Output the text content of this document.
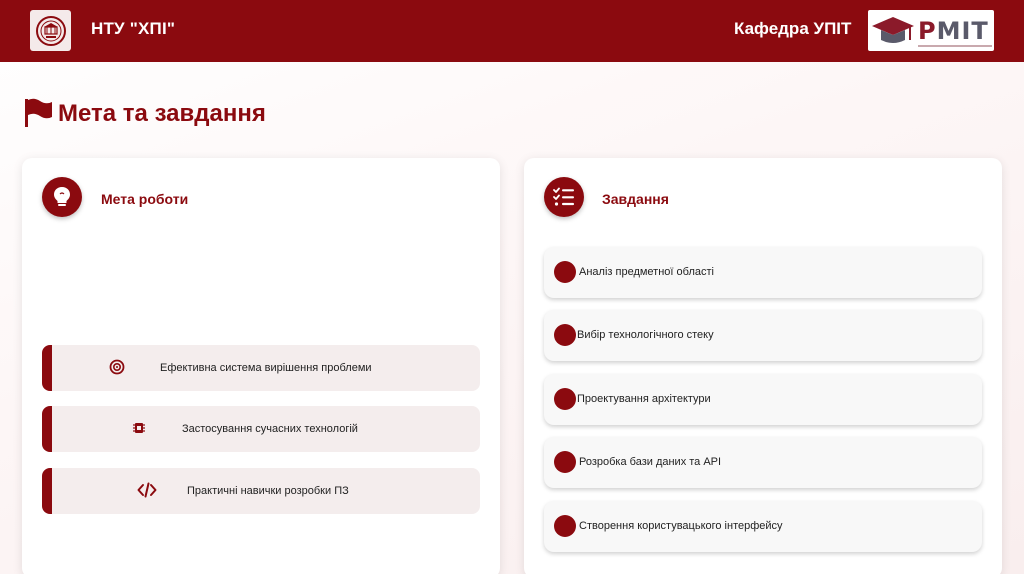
НТУ "ХПІ"	Кафедра УПІТ	PMIT
Мета та завдання
Мета роботи
Ефективна система вирішення проблеми
Застосування сучасних технологій
Практичні навички розробки ПЗ
Завдання
Аналіз предметної області
Вибір технологічного стеку
Проектування архітектури
Розробка бази даних та API
Створення користувацького інтерфейсу
